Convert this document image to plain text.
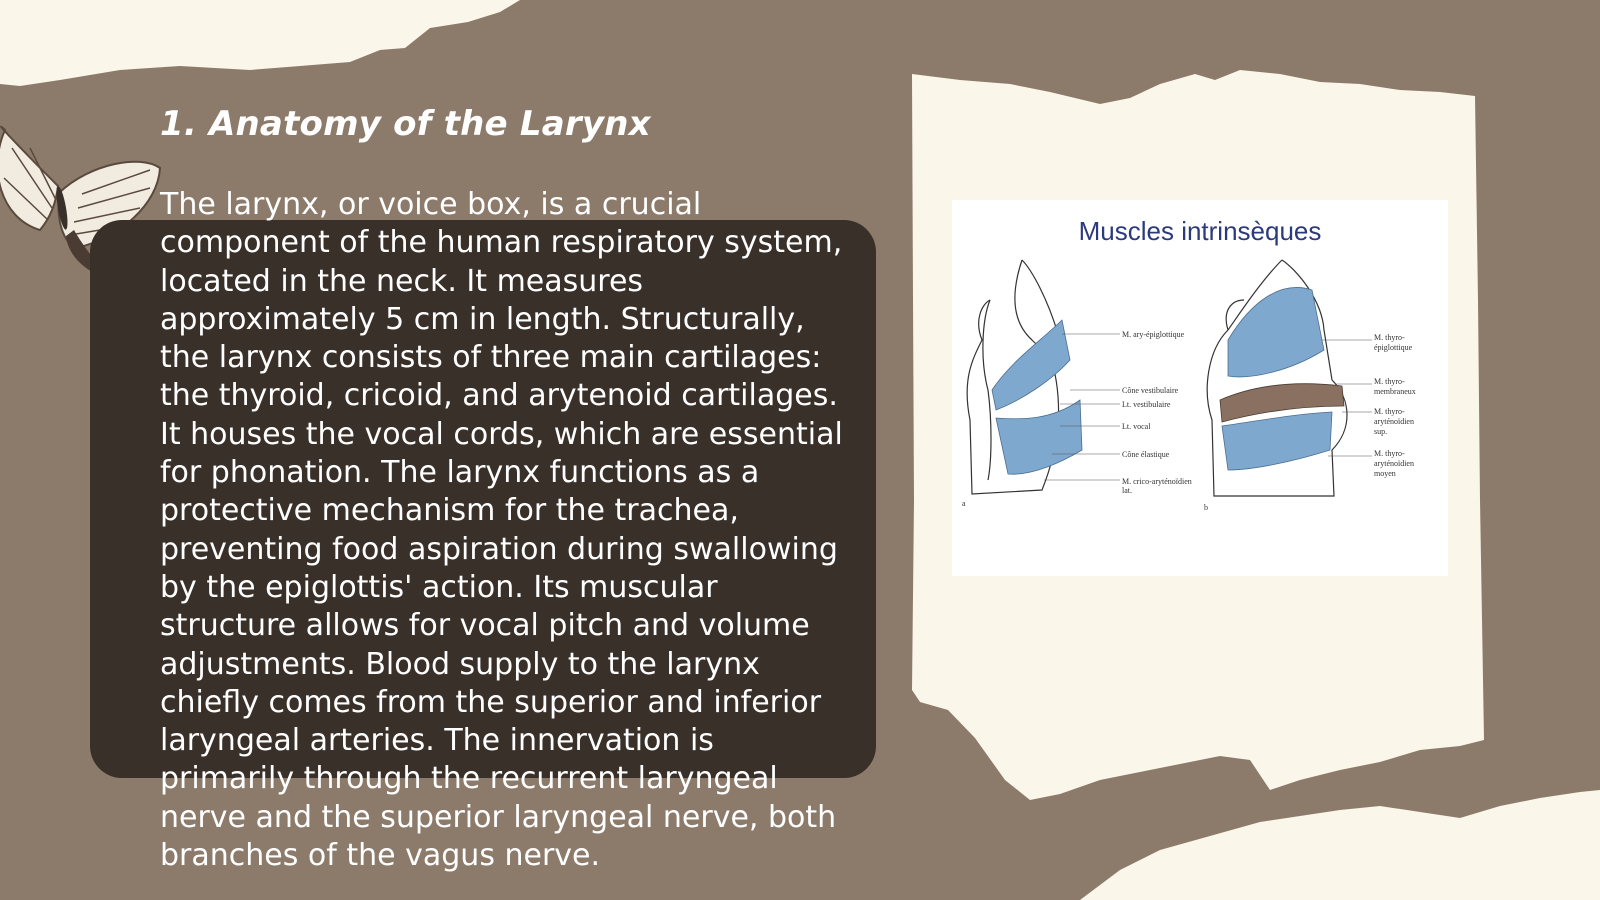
1. Anatomy of the Larynx

The larynx, or voice box, is a crucial component of the human respiratory system, located in the neck. It measures approximately 5 cm in length. Structurally, the larynx consists of three main cartilages: the thyroid, cricoid, and arytenoid cartilages. It houses the vocal cords, which are essential for phonation. The larynx functions as a protective mechanism for the trachea, preventing food aspiration during swallowing by the epiglottis' action. Its muscular structure allows for vocal pitch and volume adjustments. Blood supply to the larynx chiefly comes from the superior and inferior laryngeal arteries. The innervation is primarily through the recurrent laryngeal nerve and the superior laryngeal nerve, both branches of the vagus nerve.

Muscles intrinsèques
M. ary-épiglottique
Cône vestibulaire
Lt. vestibulaire
Lt. vocal
Cône élastique
M. crico-aryténoïdien
lat.
a
M. thyro-
épiglottique
M. thyro-
membraneux
M. thyro-
aryténoïdien
sup.
M. thyro-
aryténoïdien
moyen
b
